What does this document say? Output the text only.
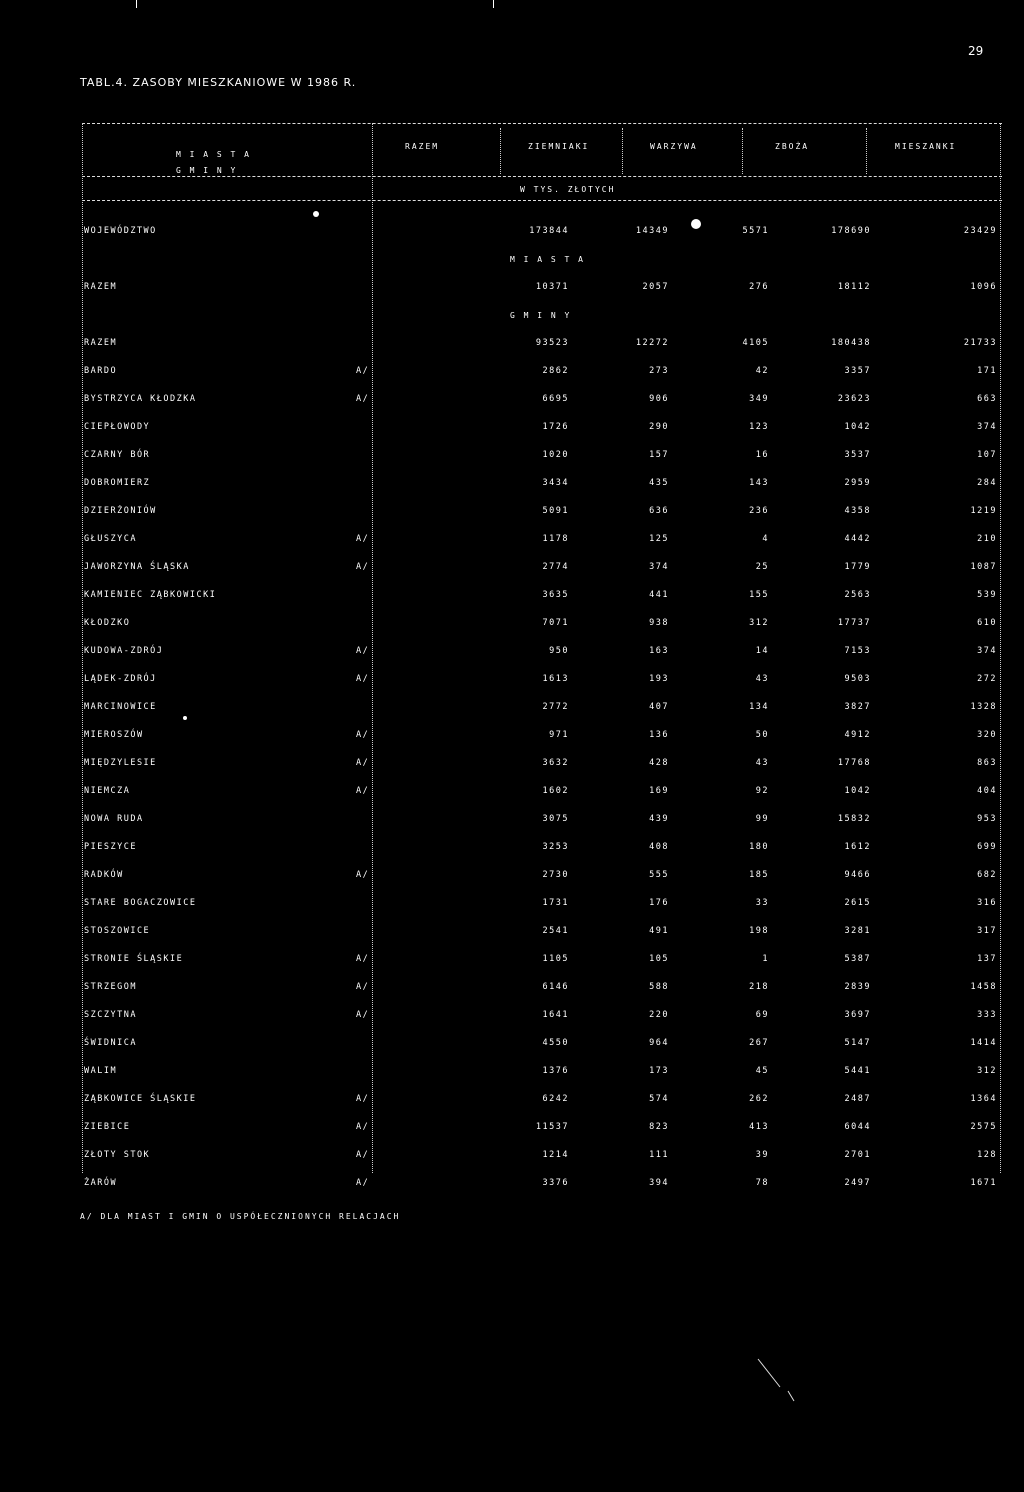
29
TABL.4. ZASOBY MIESZKANIOWE W 1986 R.
M I A S T A
G M I N Y
RAZEM	ZIEMNIAKI	WARZYWA	ZBOŻA	MIESZANKI
W TYS. ZŁOTYCH
M I A S T A
G M I N Y
WOJEWÓDZTWO	173844	14349	5571	178690	23429
RAZEM	10371	2057	276	18112	1096
RAZEM	93523	12272	4105	180438	21733
BARDO	A/	2862	273	42	3357	171
BYSTRZYCA KŁODZKA	A/	6695	906	349	23623	663
CIEPŁOWODY	1726	290	123	1042	374
CZARNY BÓR	1020	157	16	3537	107
DOBROMIERZ	3434	435	143	2959	284
DZIERŻONIÓW	5091	636	236	4358	1219
GŁUSZYCA	A/	1178	125	4	4442	210
JAWORZYNA ŚLĄSKA	A/	2774	374	25	1779	1087
KAMIENIEC ZĄBKOWICKI	3635	441	155	2563	539
KŁODZKO	7071	938	312	17737	610
KUDOWA-ZDRÓJ	A/	950	163	14	7153	374
LĄDEK-ZDRÓJ	A/	1613	193	43	9503	272
MARCINOWICE	2772	407	134	3827	1328
MIEROSZÓW	A/	971	136	50	4912	320
MIĘDZYLESIE	A/	3632	428	43	17768	863
NIEMCZA	A/	1602	169	92	1042	404
NOWA RUDA	3075	439	99	15832	953
PIESZYCE	3253	408	180	1612	699
RADKÓW	A/	2730	555	185	9466	682
STARE BOGACZOWICE	1731	176	33	2615	316
STOSZOWICE	2541	491	198	3281	317
STRONIE ŚLĄSKIE	A/	1105	105	1	5387	137
STRZEGOM	A/	6146	588	218	2839	1458
SZCZYTNA	A/	1641	220	69	3697	333
ŚWIDNICA	4550	964	267	5147	1414
WALIM	1376	173	45	5441	312
ZĄBKOWICE ŚLĄSKIE	A/	6242	574	262	2487	1364
ZIEBICE	A/	11537	823	413	6044	2575
ZŁOTY STOK	A/	1214	111	39	2701	128
ŻARÓW	A/	3376	394	78	2497	1671
A/ DLA MIAST I GMIN O USPÓŁECZNIONYCH RELACJACH
